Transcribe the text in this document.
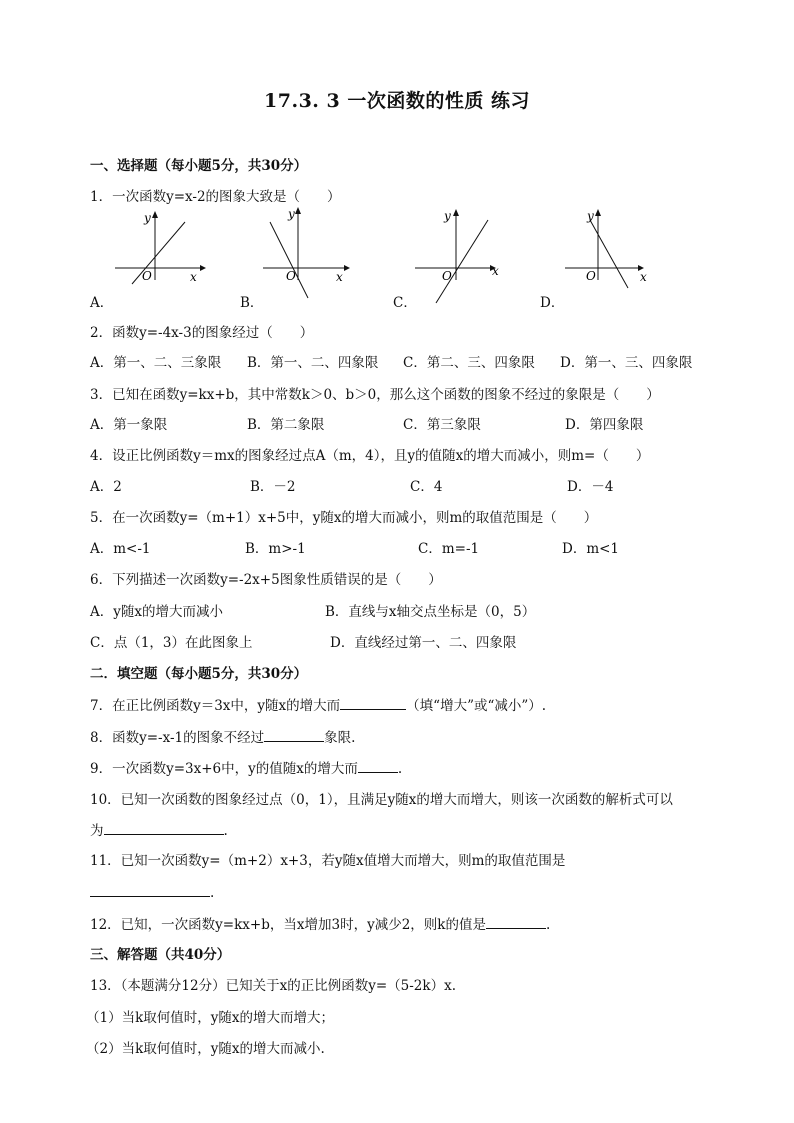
17.3. 3 一次函数的性质 练习
一、选择题（每小题5分，共30分）
1．一次函数y=x-2的图象大致是（　　）
y
x
O
y
x
O
y
x
O
y
x
O
A．	B．	C．	D．
2．函数y=-4x-3的图象经过（　　）
A．第一、二、三象限 B．第一、二、四象限 C．第二、三、四象限 D．第一、三、四象限
3．已知在函数y=kx+b，其中常数k＞0、b＞0，那么这个函数的图象不经过的象限是（　　）
A．第一象限	B．第二象限	C．第三象限	D．第四象限
4．设正比例函数y＝mx的图象经过点A（m，4），且y的值随x的增大而减小，则m=（　　）
A．2	B．－2	C．4	D．－4
5．在一次函数y=（m+1）x+5中，y随x的增大而减小，则m的取值范围是（　　）
A．m<-1	B．m>-1	C．m=-1	D．m<1
6．下列描述一次函数y=-2x+5图象性质错误的是（　　）
A．y随x的增大而减小	B．直线与x轴交点坐标是（0，5）
C．点（1，3）在此图象上	D．直线经过第一、二、四象限
二．填空题（每小题5分，共30分）
7．在正比例函数y＝3x中，y随x的增大而	（填“增大”或“减小”）.
8．函数y=-x-1的图象不经过	象限.
9．一次函数y=3x+6中，y的值随x的增大而	.
10．已知一次函数的图象经过点（0，1），且满足y随x的增大而增大，则该一次函数的解析式可以
为	.
11．已知一次函数y=（m+2）x+3，若y随x值增大而增大，则m的取值范围是
.
12．已知，一次函数y=kx+b，当x增加3时，y减少2，则k的值是	.
三、解答题（共40分）
13．（本题满分12分）已知关于x的正比例函数y=（5-2k）x.
（1）当k取何值时，y随x的增大而增大；
（2）当k取何值时，y随x的增大而减小.
